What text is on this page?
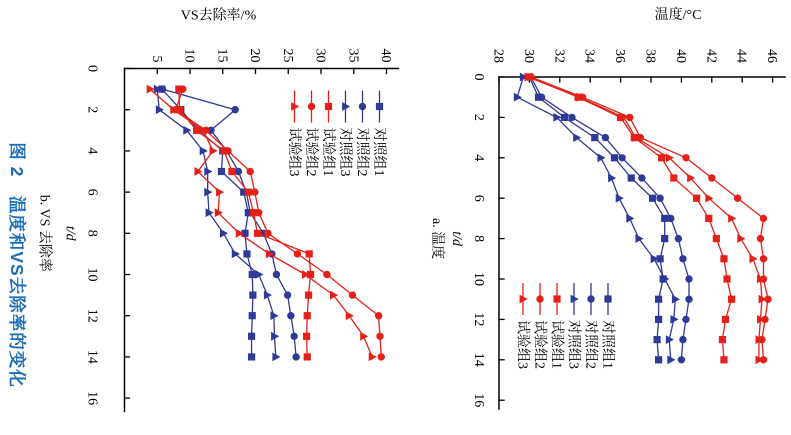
图 2　温度和VS去除率的变化
5 10 15 20 25 30 35 40
0
2
4
6
8
10
12
14
16
VS去除率/%
t/d
b. VS 去除率
对照组1
对照组2
对照组3
试验组1
试验组2
试验组3
28 30 32 34 36 38 40 42 44 46
0
2
4
6
8
10
12
14
16
温度/°C
t/d
a. 温度
对照组1
对照组2
对照组3
试验组1
试验组2
试验组3
